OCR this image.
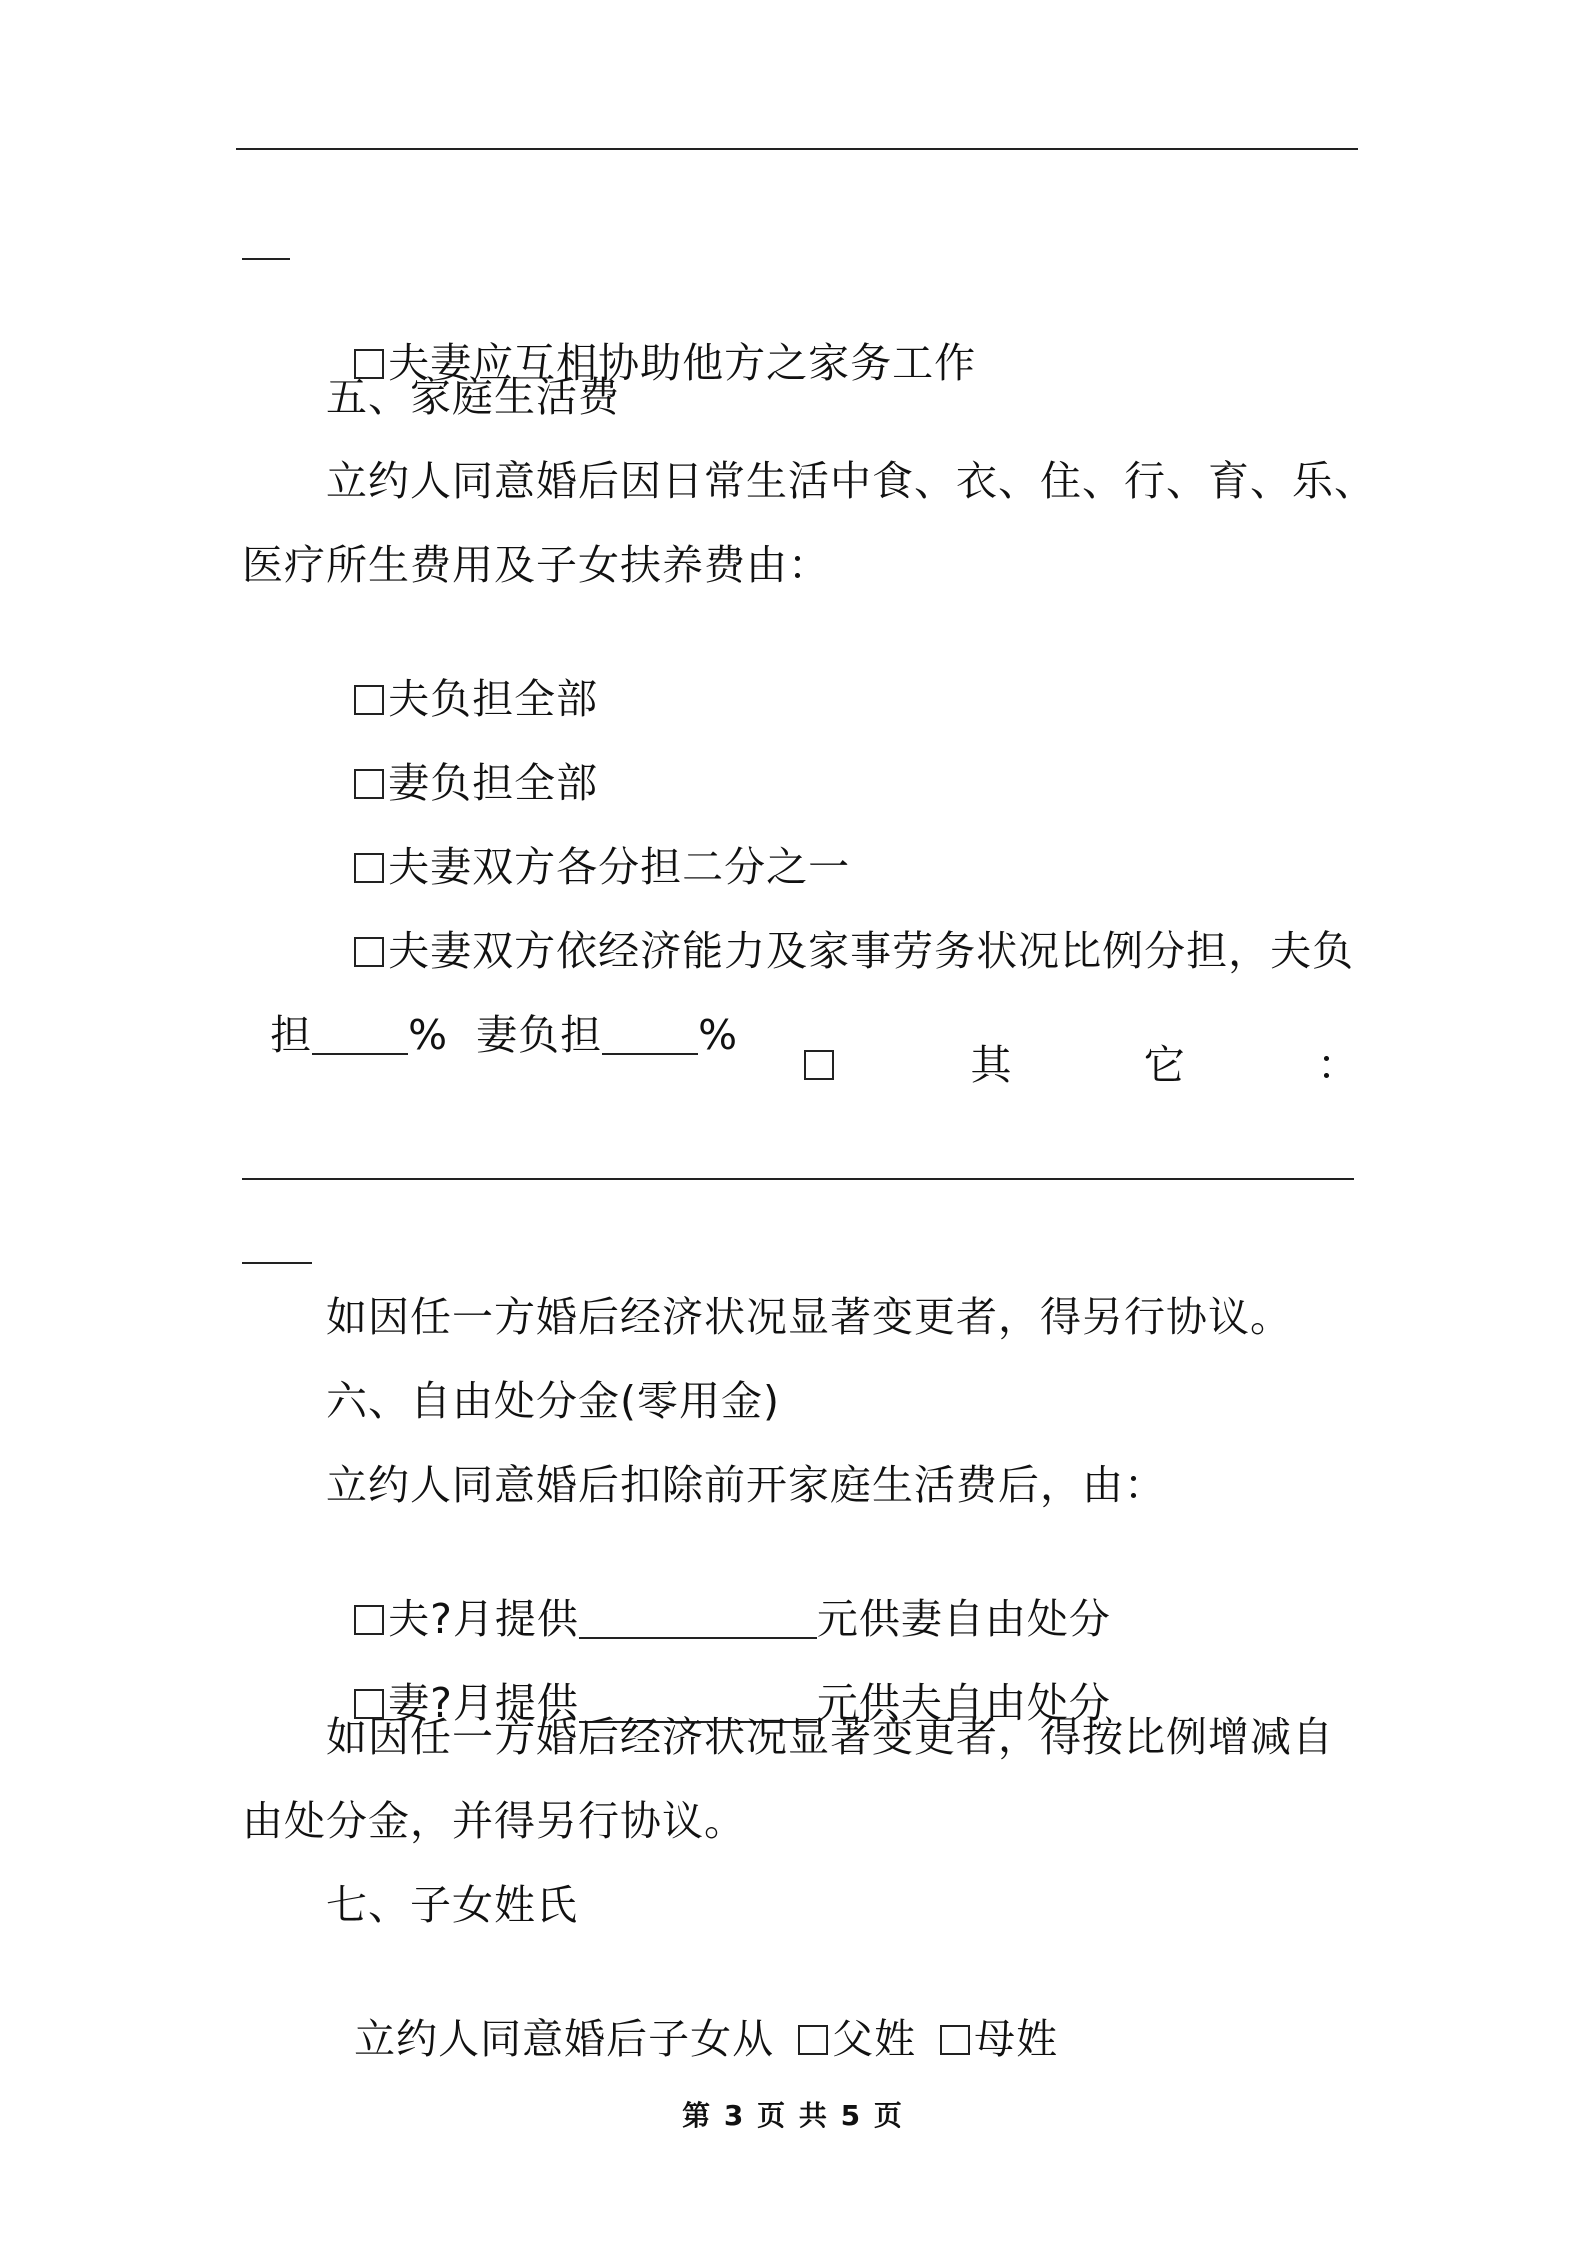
夫妻应互相协助他方之家务工作

五、家庭生活费
立约人同意婚后因日常生活中食、衣、住、行、育、乐、
医疗所生费用及子女扶养费由：

夫负担全部

妻负担全部

夫妻双方各分担二分之一

夫妻双方依经济能力及家事劳务状况比例分担，夫负

担 %  妻负担 %

其	它	：
如因任一方婚后经济状况显著变更者，得另行协议。
六、自由处分金(零用金)
立约人同意婚后扣除前开家庭生活费后，由：

夫?月提供	元供妻自由处分

妻?月提供	元供夫自由处分

如因任一方婚后经济状况显著变更者，得按比例增减自
由处分金，并得另行协议。
七、子女姓氏

立约人同意婚后子女从 父姓 母姓

第 3 页 共 5 页
